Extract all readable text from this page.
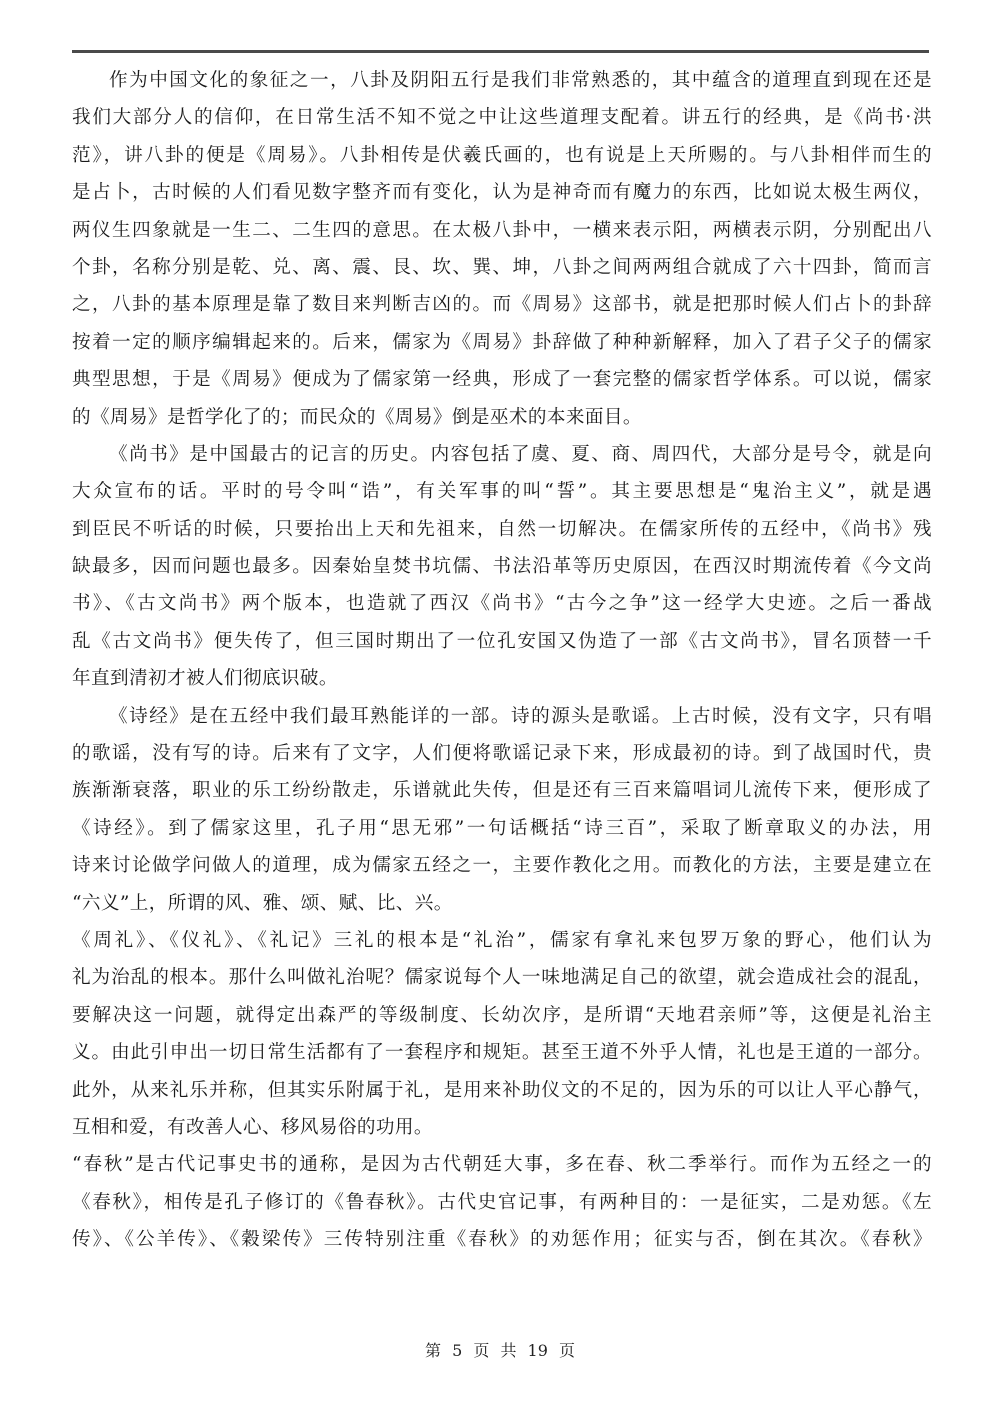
作为中国文化的象征之一，八卦及阴阳五行是我们非常熟悉的，其中蕴含的道理直到现在还是
我们大部分人的信仰，在日常生活不知不觉之中让这些道理支配着。讲五行的经典，是《尚书·洪
范》，讲八卦的便是《周易》。八卦相传是伏羲氏画的，也有说是上天所赐的。与八卦相伴而生的
是占卜，古时候的人们看见数字整齐而有变化，认为是神奇而有魔力的东西，比如说太极生两仪，
两仪生四象就是一生二、二生四的意思。在太极八卦中，一横来表示阳，两横表示阴，分别配出八
个卦，名称分别是乾、兑、离、震、艮、坎、巽、坤，八卦之间两两组合就成了六十四卦，简而言
之，八卦的基本原理是靠了数目来判断吉凶的。而《周易》这部书，就是把那时候人们占卜的卦辞
按着一定的顺序编辑起来的。后来，儒家为《周易》卦辞做了种种新解释，加入了君子父子的儒家
典型思想，于是《周易》便成为了儒家第一经典，形成了一套完整的儒家哲学体系。可以说，儒家
的《周易》是哲学化了的；而民众的《周易》倒是巫术的本来面目。
《尚书》是中国最古的记言的历史。内容包括了虞、夏、商、周四代，大部分是号令，就是向
大众宣布的话。平时的号令叫“诰”，有关军事的叫“誓”。其主要思想是“鬼治主义”，就是遇
到臣民不听话的时候，只要抬出上天和先祖来，自然一切解决。在儒家所传的五经中，《尚书》残
缺最多，因而问题也最多。因秦始皇焚书坑儒、书法沿革等历史原因，在西汉时期流传着《今文尚
书》、《古文尚书》两个版本，也造就了西汉《尚书》“古今之争”这一经学大史迹。之后一番战
乱《古文尚书》便失传了，但三国时期出了一位孔安国又伪造了一部《古文尚书》，冒名顶替一千
年直到清初才被人们彻底识破。
《诗经》是在五经中我们最耳熟能详的一部。诗的源头是歌谣。上古时候，没有文字，只有唱
的歌谣，没有写的诗。后来有了文字，人们便将歌谣记录下来，形成最初的诗。到了战国时代，贵
族渐渐衰落，职业的乐工纷纷散走，乐谱就此失传，但是还有三百来篇唱词儿流传下来，便形成了
《诗经》。到了儒家这里，孔子用“思无邪”一句话概括“诗三百”，采取了断章取义的办法，用
诗来讨论做学问做人的道理，成为儒家五经之一，主要作教化之用。而教化的方法，主要是建立在
“六义”上，所谓的风、雅、颂、赋、比、兴。
《周礼》、《仪礼》、《礼记》三礼的根本是“礼治”，儒家有拿礼来包罗万象的野心，他们认为
礼为治乱的根本。那什么叫做礼治呢？儒家说每个人一味地满足自己的欲望，就会造成社会的混乱，
要解决这一问题，就得定出森严的等级制度、长幼次序，是所谓“天地君亲师”等，这便是礼治主
义。由此引申出一切日常生活都有了一套程序和规矩。甚至王道不外乎人情，礼也是王道的一部分。
此外，从来礼乐并称，但其实乐附属于礼，是用来补助仪文的不足的，因为乐的可以让人平心静气，
互相和爱，有改善人心、移风易俗的功用。
“春秋”是古代记事史书的通称，是因为古代朝廷大事，多在春、秋二季举行。而作为五经之一的
《春秋》，相传是孔子修订的《鲁春秋》。古代史官记事，有两种目的：一是征实，二是劝惩。《左
传》、《公羊传》、《穀梁传》三传特别注重《春秋》的劝惩作用；征实与否，倒在其次。《春秋》
第 5 页 共 19 页
